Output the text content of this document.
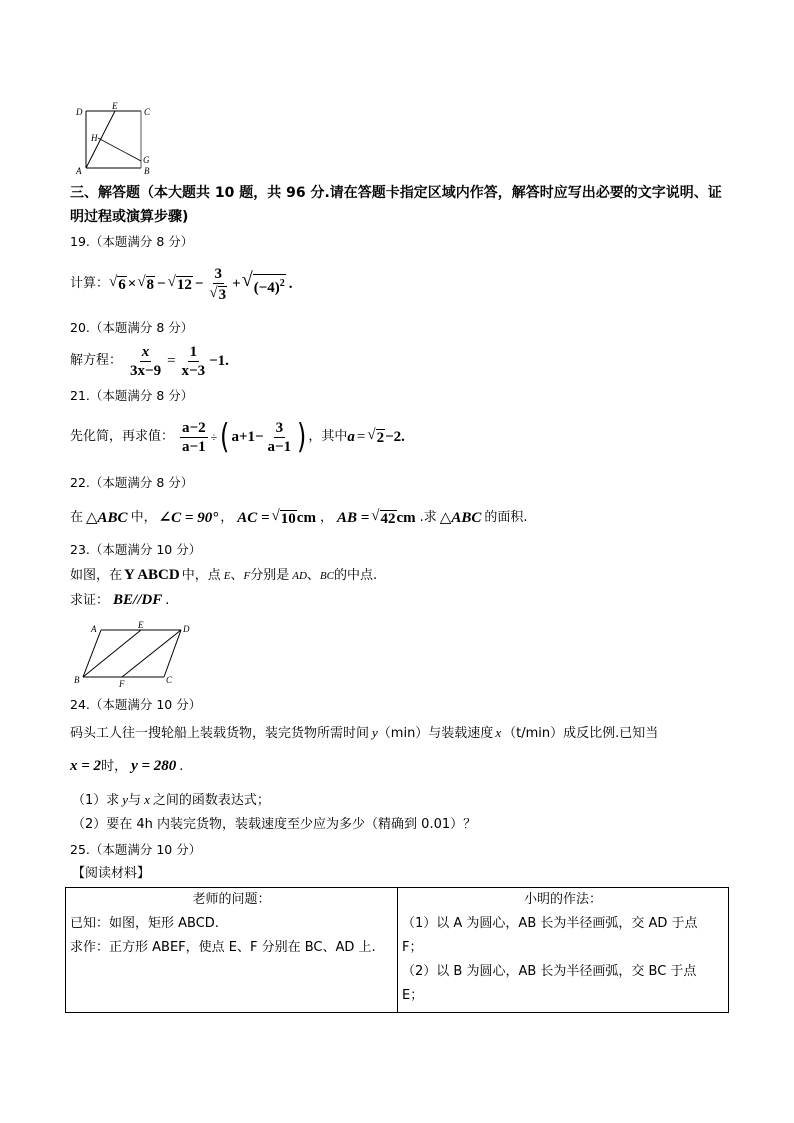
D
E
C
H
G
A	B
三、解答题（本大题共 10 题，共 96 分.请在答题卡指定区域内作答，解答时应写出必要的文字说明、证
明过程或演算步骤)
19.（本题满分 8 分）
计算： √ 6 × √ 8 − √ $12 - \frac{3}{√ 3}$ + √ $(-4)^2$ .
20.（本题满分 8 分）
解方程： $\frac{x}{3x-9} = \frac{1}{x-3} -1$.
21.（本题满分 8 分）
先化简，再求值： $\frac{a-2}{a-1}$ ÷ ( $a+1- \frac{3}{a-1}$ ) ，其中 a = √ 2 −2.
22.（本题满分 8 分）
在 △ABC 中， ∠C = 90° ， AC = √ 10 cm ， AB = √ 42 cm .求 △ABC 的面积.
23.（本题满分 10 分）
如图，在 Y ABCD 中，点 E 、 F 分别是 AD 、 BC 的中点.
求证： BE//DF .
A	E	D
B	F	C
24.（本题满分 10 分）
码头工人往一搜轮船上装载货物，装完货物所需时间 y （min）与装载速度 x （t/min）成反比例.已知当
x = 2 时， y = 280 .
（1）求 y 与 x 之间的函数表达式；
（2）要在 4h 内装完货物，装载速度至少应为多少（精确到 0.01）？
25.（本题满分 10 分）
【阅读材料】
老师的问题：
已知：如图，矩形 ABCD.
求作：正方形 ABEF，使点 E、F 分别在 BC、AD 上.

小明的作法：
（1）以 A 为圆心，AB 长为半径画弧，交 AD 于点
F；
（2）以 B 为圆心，AB 长为半径画弧，交 BC 于点
E；
